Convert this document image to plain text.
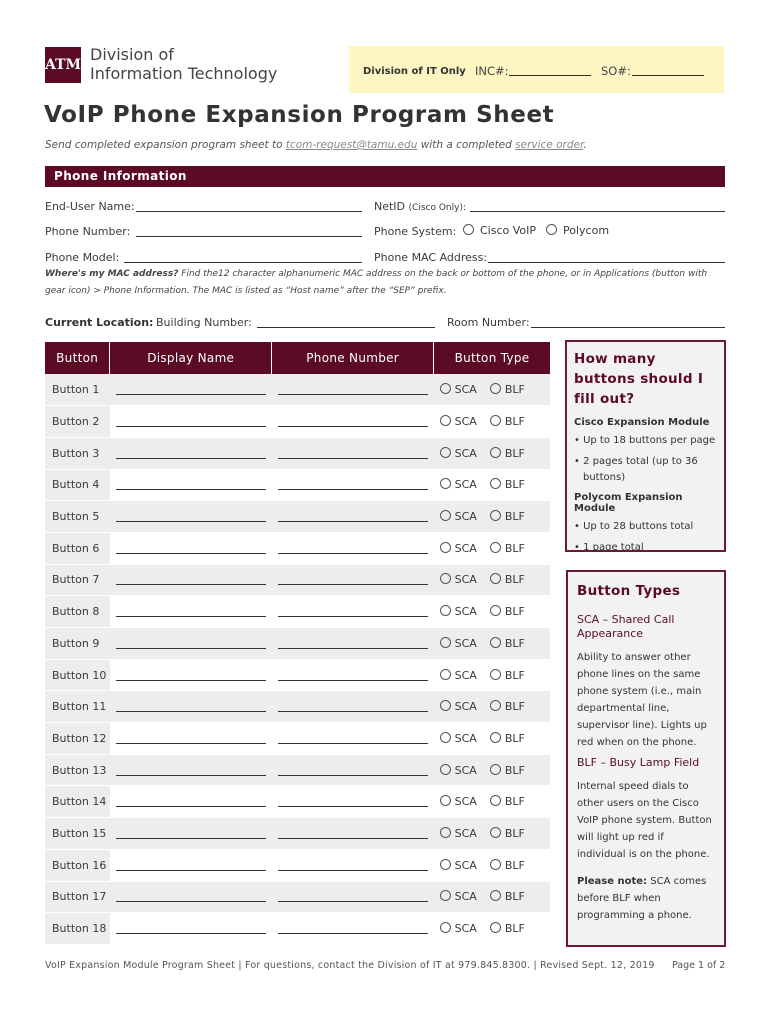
ATM
Division of
Information Technology	Division of IT Only INC#:	SO#:
VoIP Phone Expansion Program Sheet
Send completed expansion program sheet to tcom-request@tamu.edu with a completed service order.
Phone Information
End-User Name:	NetID (Cisco Only):
Phone Number:	Phone System:	Cisco VoIP	Polycom
Phone Model:	Phone MAC Address:
Where's my MAC address? Find the12 character alphanumeric MAC address on the back or bottom of the phone, or in Applications (button with gear icon) > Phone Information. The MAC is listed as “Host name” after the “SEP” prefix.
Current Location: Building Number:	Room Number:
Button	Display Name	Phone Number	Button Type
Button 1			SCA BLF
Button 2			SCA BLF
Button 3			SCA BLF
Button 4			SCA BLF
Button 5			SCA BLF
Button 6			SCA BLF
Button 7			SCA BLF
Button 8			SCA BLF
Button 9			SCA BLF
Button 10			SCA BLF
Button 11			SCA BLF
Button 12			SCA BLF
Button 13			SCA BLF
Button 14			SCA BLF
Button 15			SCA BLF
Button 16			SCA BLF
Button 17			SCA BLF
Button 18			SCA BLF
How many buttons should I fill out?
Cisco Expansion Module
• Up to 18 buttons per page
• 2 pages total (up to 36 buttons)
Polycom Expansion Module
• Up to 28 buttons total
• 1 page total
Button Types
SCA – Shared Call Appearance
Ability to answer other phone lines on the same phone system (i.e., main departmental line, supervisor line). Lights up red when on the phone.
BLF – Busy Lamp Field
Internal speed dials to other users on the Cisco VoIP phone system. Button will light up red if individual is on the phone.
Please note: SCA comes before BLF when programming a phone.
VoIP Expansion Module Program Sheet | For questions, contact the Division of IT at 979.845.8300. | Revised Sept. 12, 2019 Page 1 of 2
